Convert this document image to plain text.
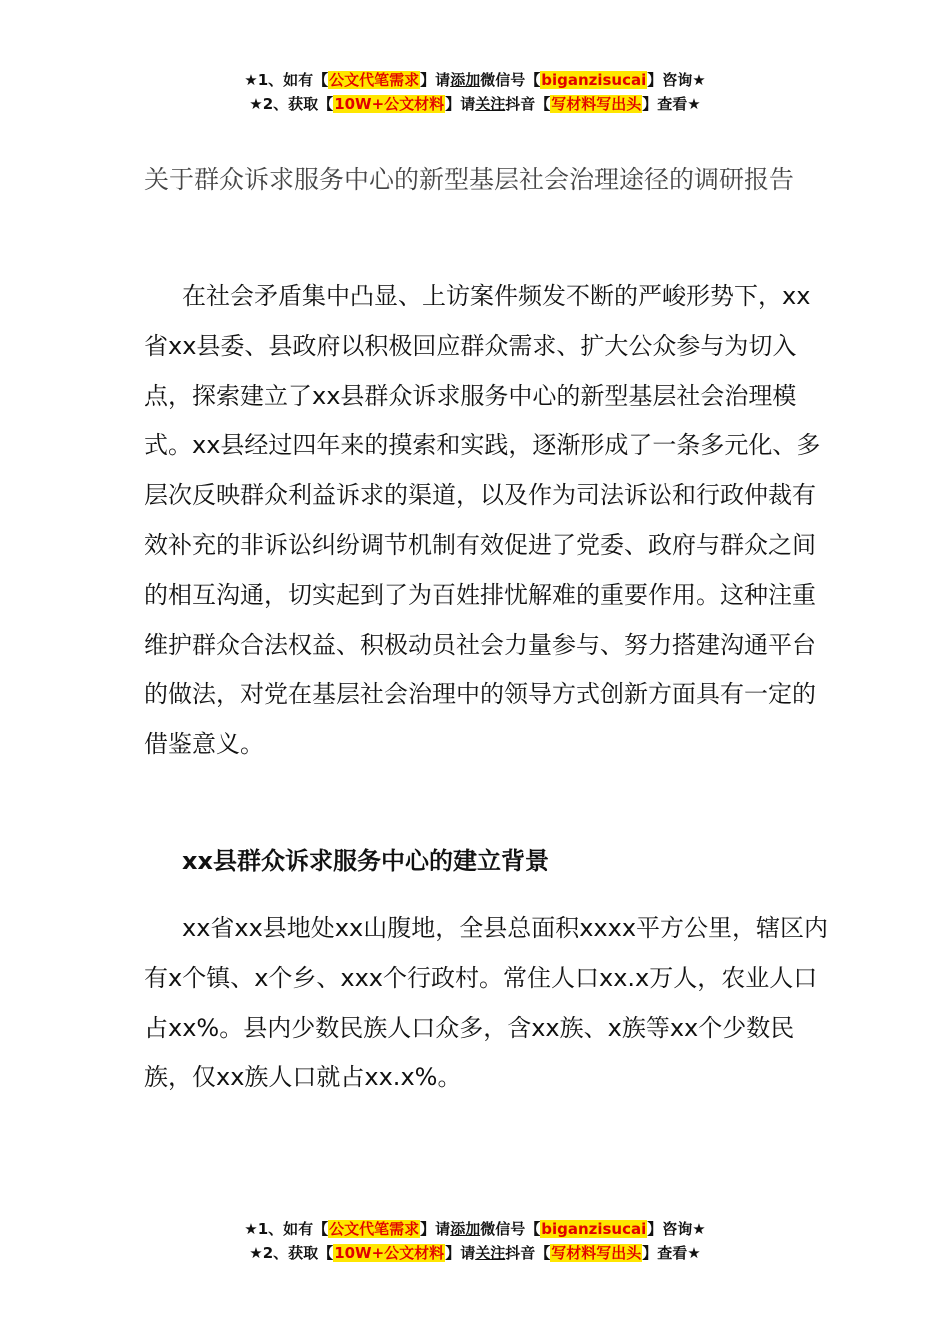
★1、如有【公文代笔需求】请添加微信号【biganzisucai】咨询★
★2、获取【10W+公文材料】请关注抖音【写材料写出头】查看★
关于群众诉求服务中心的新型基层社会治理途径的调研报告
在社会矛盾集中凸显、上访案件频发不断的严峻形势下，xx省xx县委、县政府以积极回应群众需求、扩大公众参与为切入点，探索建立了xx县群众诉求服务中心的新型基层社会治理模式。xx县经过四年来的摸索和实践，逐渐形成了一条多元化、多层次反映群众利益诉求的渠道，以及作为司法诉讼和行政仲裁有效补充的非诉讼纠纷调节机制有效促进了党委、政府与群众之间的相互沟通，切实起到了为百姓排忧解难的重要作用。这种注重维护群众合法权益、积极动员社会力量参与、努力搭建沟通平台的做法，对党在基层社会治理中的领导方式创新方面具有一定的借鉴意义。
xx县群众诉求服务中心的建立背景
xx省xx县地处xx山腹地，全县总面积xxxx平方公里，辖区内有x个镇、x个乡、xxx个行政村。常住人口xx.x万人，农业人口占xx%。县内少数民族人口众多，含xx族、x族等xx个少数民族，仅xx族人口就占xx.x%。
★1、如有【公文代笔需求】请添加微信号【biganzisucai】咨询★
★2、获取【10W+公文材料】请关注抖音【写材料写出头】查看★
